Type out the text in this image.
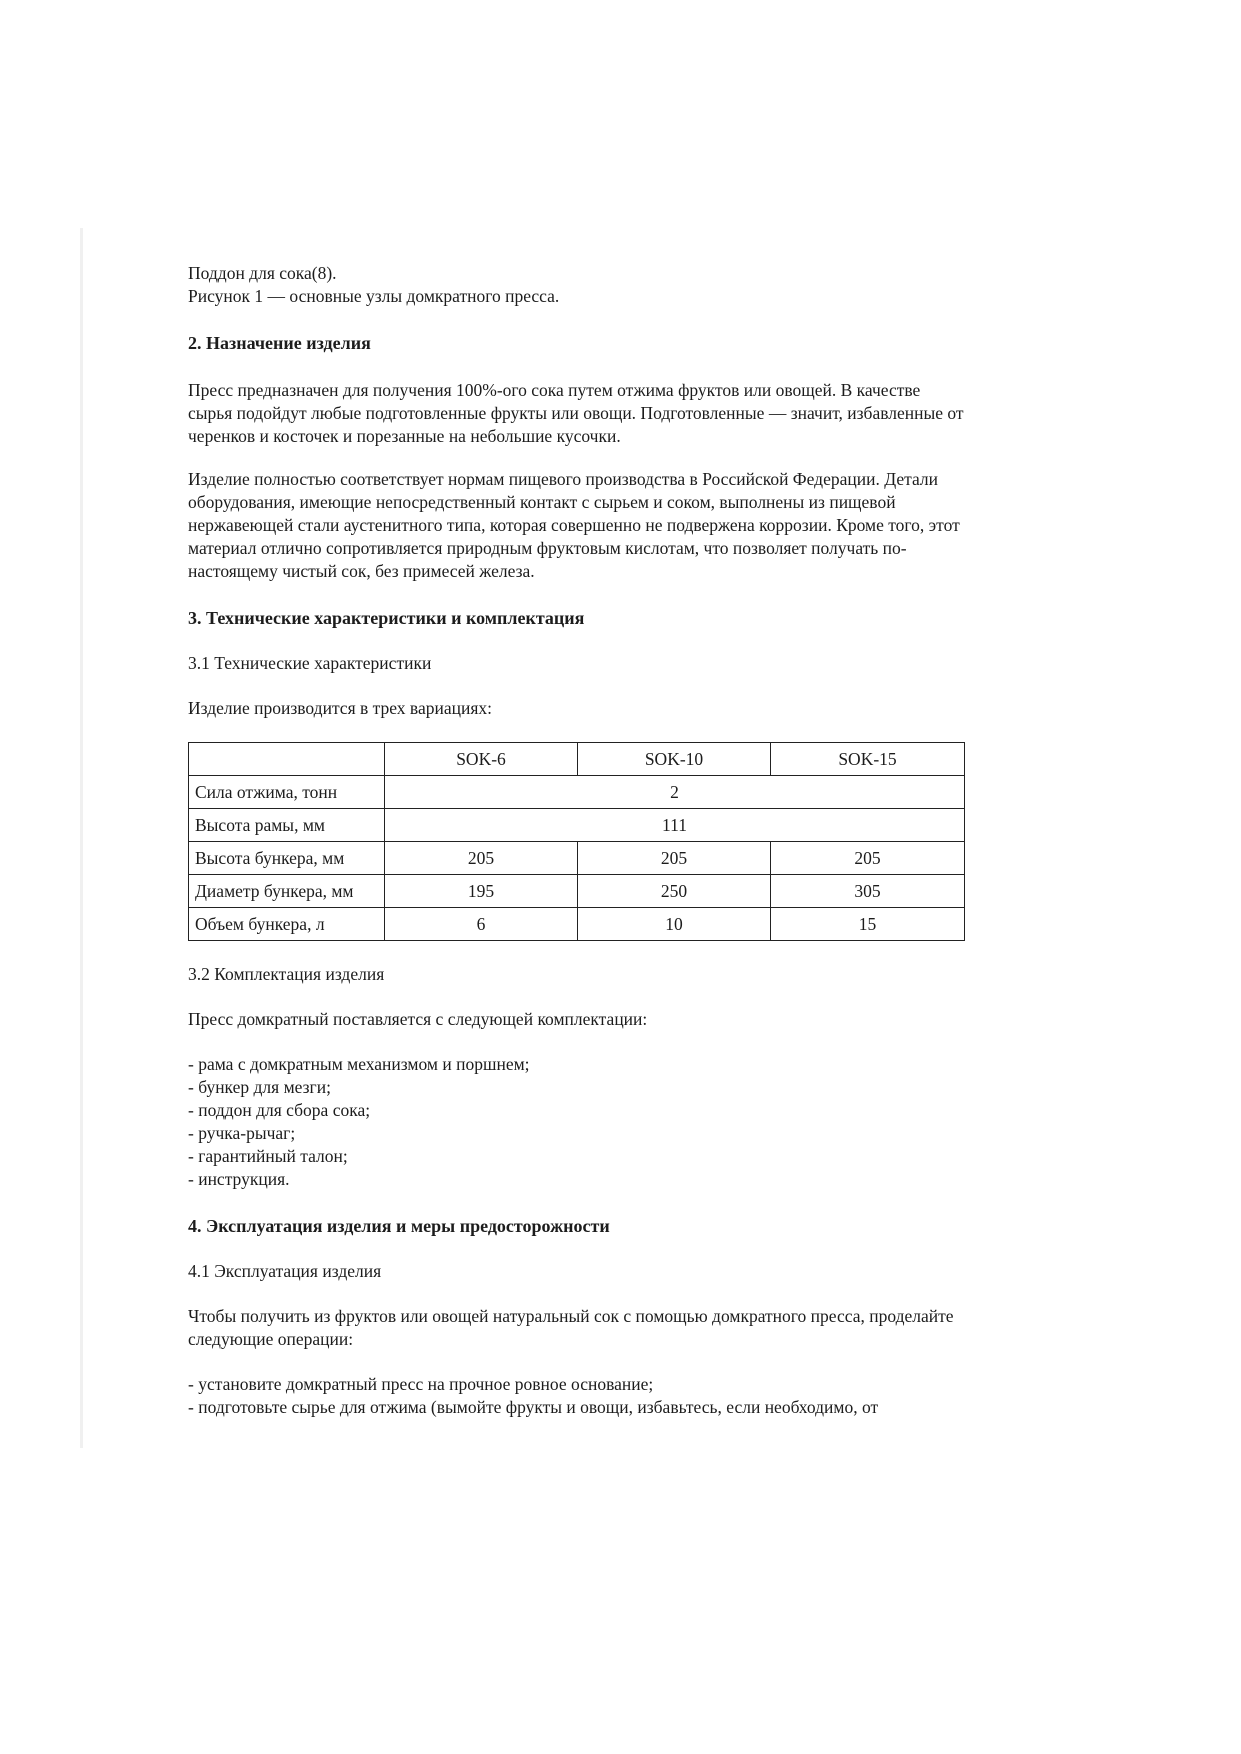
Поддон для сока(8).

Рисунок 1 — основные узлы домкратного пресса.

2. Назначение изделия

Пресс предназначен для получения 100%-ого сока путем отжима фруктов или овощей. В качестве сырья подойдут любые подготовленные фрукты или овощи. Подготовленные — значит, избавленные от черенков и косточек и порезанные на небольшие кусочки.

Изделие полностью соответствует нормам пищевого производства в Российской Федерации. Детали оборудования, имеющие непосредственный контакт с сырьем и соком, выполнены из пищевой нержавеющей стали аустенитного типа, которая совершенно не подвержена коррозии. Кроме того, этот материал отлично сопротивляется природным фруктовым кислотам, что позволяет получать по-настоящему чистый сок, без примесей железа.

3. Технические характеристики и комплектация

3.1 Технические характеристики

Изделие производится в трех вариациях:

	SOK-6	SOK-10	SOK-15
Сила отжима, тонн	2		
Высота рамы, мм	111		
Высота бункера, мм	205	205	205
Диаметр бункера, мм	195	250	305
Объем бункера, л	6	10	15

3.2 Комплектация изделия

Пресс домкратный поставляется с следующей комплектации:

- рама с домкратным механизмом и поршнем;

- бункер для мезги;

- поддон для сбора сока;

- ручка-рычаг;

- гарантийный талон;

- инструкция.

4. Эксплуатация изделия и меры предосторожности

4.1 Эксплуатация изделия

Чтобы получить из фруктов или овощей натуральный сок с помощью домкратного пресса, проделайте следующие операции:

- установите домкратный пресс на прочное ровное основание;

- подготовьте сырье для отжима (вымойте фрукты и овощи, избавьтесь, если необходимо, от
